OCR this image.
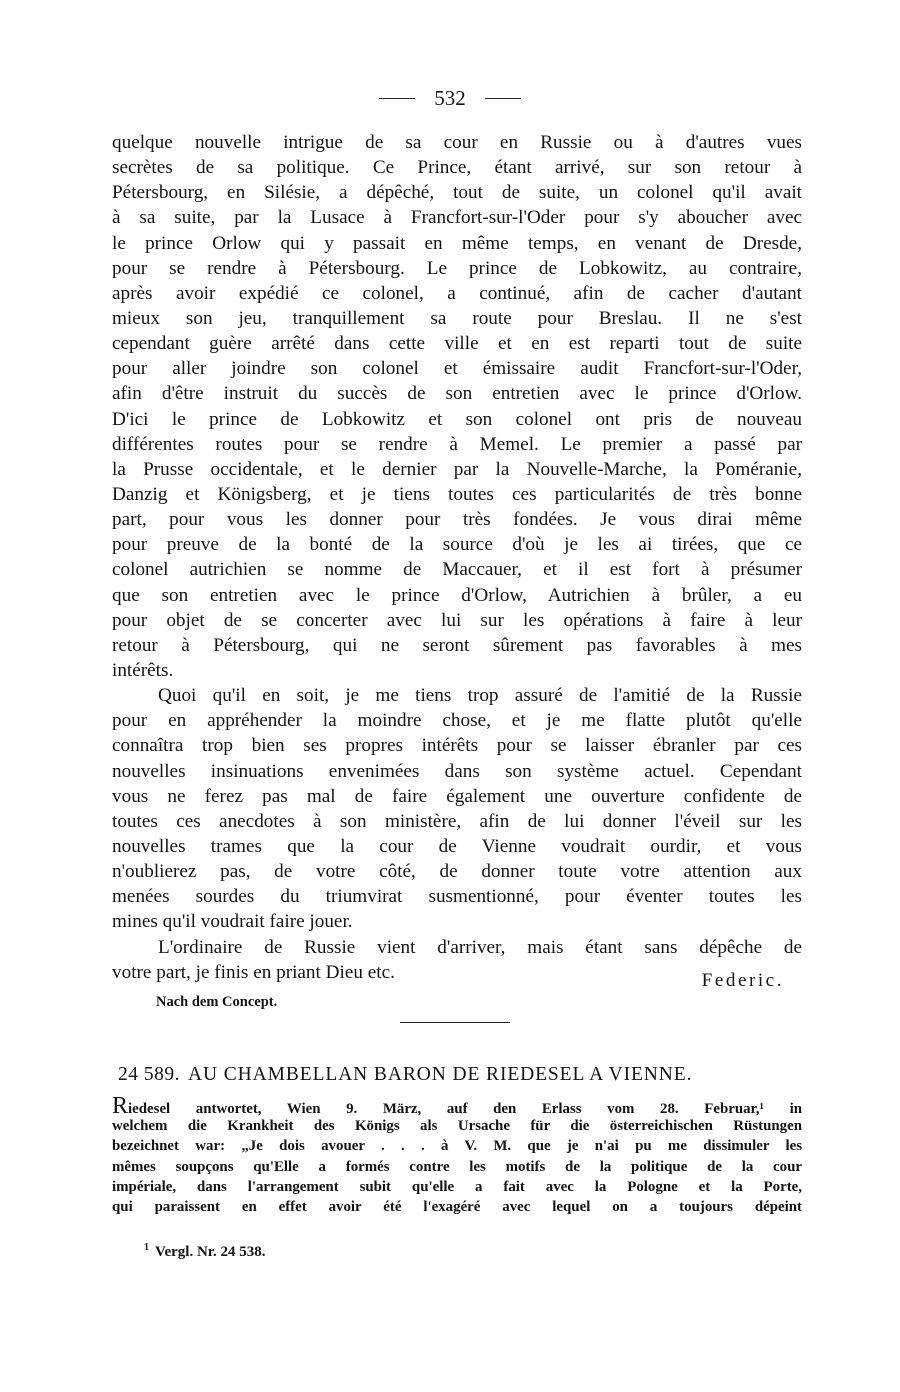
532
quelque nouvelle intrigue de sa cour en Russie ou à d'autres vues
secrètes de sa politique. Ce Prince, étant arrivé, sur son retour à
Pétersbourg, en Silésie, a dépêché, tout de suite, un colonel qu'il avait
à sa suite, par la Lusace à Francfort-sur-l'Oder pour s'y aboucher avec
le prince Orlow qui y passait en même temps, en venant de Dresde,
pour se rendre à Pétersbourg. Le prince de Lobkowitz, au contraire,
après avoir expédié ce colonel, a continué, afin de cacher d'autant
mieux son jeu, tranquillement sa route pour Breslau. Il ne s'est
cependant guère arrêté dans cette ville et en est reparti tout de suite
pour aller joindre son colonel et émissaire audit Francfort-sur-l'Oder,
afin d'être instruit du succès de son entretien avec le prince d'Orlow.
D'ici le prince de Lobkowitz et son colonel ont pris de nouveau
différentes routes pour se rendre à Memel. Le premier a passé par
la Prusse occidentale, et le dernier par la Nouvelle-Marche, la Poméranie,
Danzig et Königsberg, et je tiens toutes ces particularités de très bonne
part, pour vous les donner pour très fondées. Je vous dirai même
pour preuve de la bonté de la source d'où je les ai tirées, que ce
colonel autrichien se nomme de Maccauer, et il est fort à présumer
que son entretien avec le prince d'Orlow, Autrichien à brûler, a eu
pour objet de se concerter avec lui sur les opérations à faire à leur
retour à Pétersbourg, qui ne seront sûrement pas favorables à mes
intérêts.
Quoi qu'il en soit, je me tiens trop assuré de l'amitié de la Russie
pour en appréhender la moindre chose, et je me flatte plutôt qu'elle
connaîtra trop bien ses propres intérêts pour se laisser ébranler par ces
nouvelles insinuations envenimées dans son système actuel. Cependant
vous ne ferez pas mal de faire également une ouverture confidente de
toutes ces anecdotes à son ministère, afin de lui donner l'éveil sur les
nouvelles trames que la cour de Vienne voudrait ourdir, et vous
n'oublierez pas, de votre côté, de donner toute votre attention aux
menées sourdes du triumvirat susmentionné, pour éventer toutes les
mines qu'il voudrait faire jouer.
L'ordinaire de Russie vient d'arriver, mais étant sans dépêche de
votre part, je finis en priant Dieu etc.	Federic.
Nach dem Concept.
24 589. AU CHAMBELLAN BARON DE RIEDESEL A VIENNE.
Riedesel antwortet, Wien 9. März, auf den Erlass vom 28. Februar,¹ in
welchem die Krankheit des Königs als Ursache für die österreichischen Rüstungen
bezeichnet war: „Je dois avouer . . . à V. M. que je n'ai pu me dissimuler les
mêmes soupçons qu'Elle a formés contre les motifs de la politique de la cour
impériale, dans l'arrangement subit qu'elle a fait avec la Pologne et la Porte,
qui paraissent en effet avoir été l'exagéré avec lequel on a toujours dépeint
$^1$ Vergl. Nr. 24 538.
